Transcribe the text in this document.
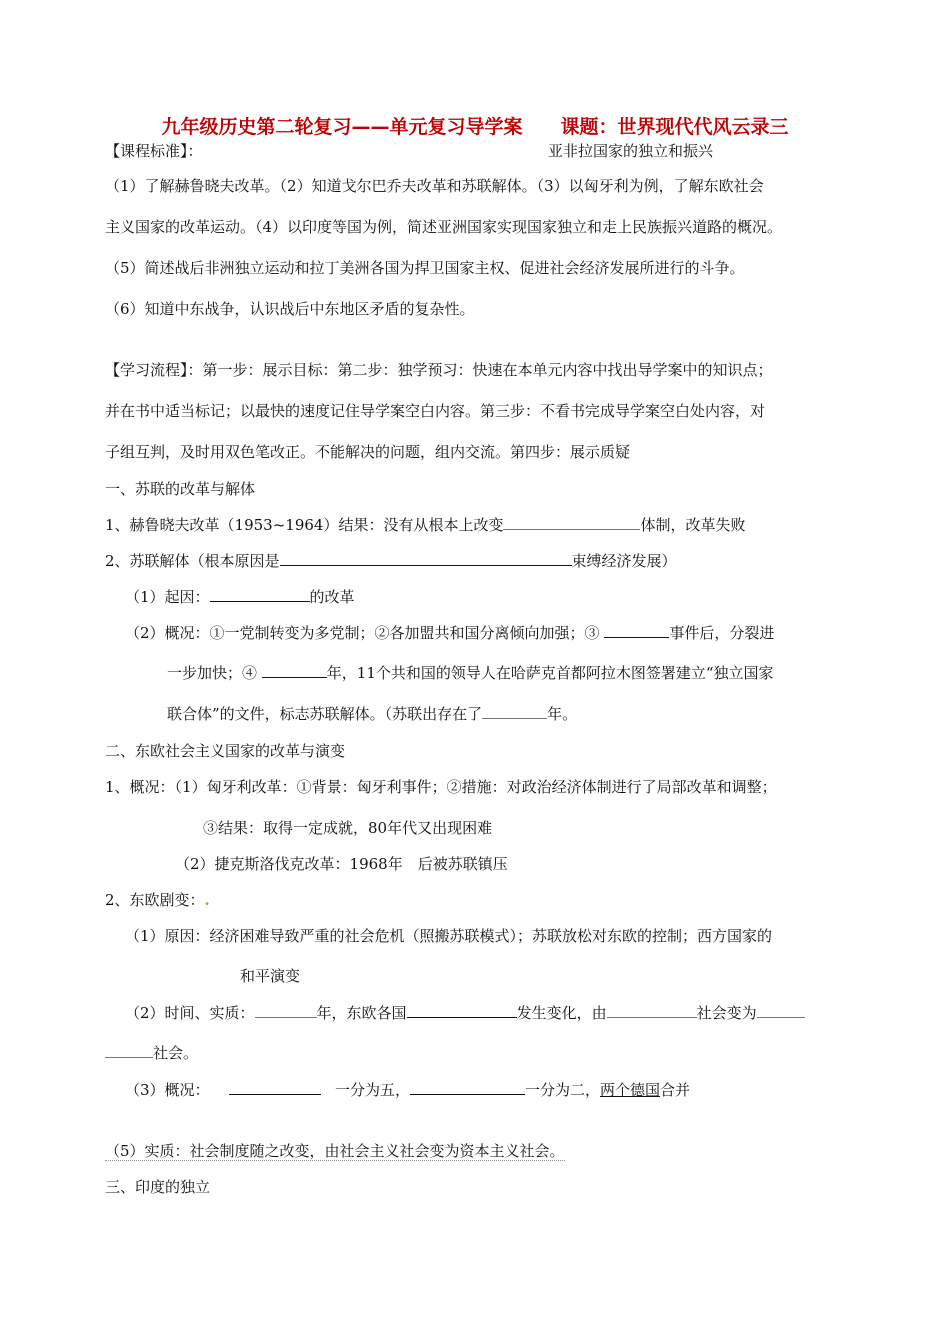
九年级历史第二轮复习——单元复习导学案　　课题：世界现代代风云录三
【课程标准】：	亚非拉国家的独立和振兴
（1）了解赫鲁晓夫改革。（2）知道戈尔巴乔夫改革和苏联解体。（3）以匈牙利为例，了解东欧社会
主义国家的改革运动。（4）以印度等国为例，简述亚洲国家实现国家独立和走上民族振兴道路的概况。
（5）简述战后非洲独立运动和拉丁美洲各国为捍卫国家主权、促进社会经济发展所进行的斗争。
（6）知道中东战争，认识战后中东地区矛盾的复杂性。
【学习流程】：第一步：展示目标：第二步：独学预习：快速在本单元内容中找出导学案中的知识点；
并在书中适当标记；以最快的速度记住导学案空白内容。第三步：不看书完成导学案空白处内容，对
子组互判，及时用双色笔改正。不能解决的问题，组内交流。第四步：展示质疑
一、苏联的改革与解体
1、赫鲁晓夫改革（1953~1964）结果：没有从根本上改变	体制，改革失败
2、苏联解体（根本原因是	束缚经济发展）
（1）起因：	的改革
（2）概况：①一党制转变为多党制；②各加盟共和国分离倾向加强；③	事件后，分裂进
一步加快；④	年，11个共和国的领导人在哈萨克首都阿拉木图签署建立“独立国家
联合体”的文件，标志苏联解体。（苏联出存在了	年。
二、东欧社会主义国家的改革与演变
1、概况：（1）匈牙利改革：①背景：匈牙利事件；②措施：对政治经济体制进行了局部改革和调整；
③结果：取得一定成就，80年代又出现困难
（2）捷克斯洛伐克改革：1968年　后被苏联镇压
2、东欧剧变：.
（1）原因：经济困难导致严重的社会危机（照搬苏联模式）；苏联放松对东欧的控制；西方国家的
和平演变
（2）时间、实质：	年，东欧各国	发生变化，由	社会变为
社会。
（3）概况：	一分为五，	一分为二，两个德国合并
（5）实质：社会制度随之改变，由社会主义社会变为资本主义社会。
三、印度的独立
